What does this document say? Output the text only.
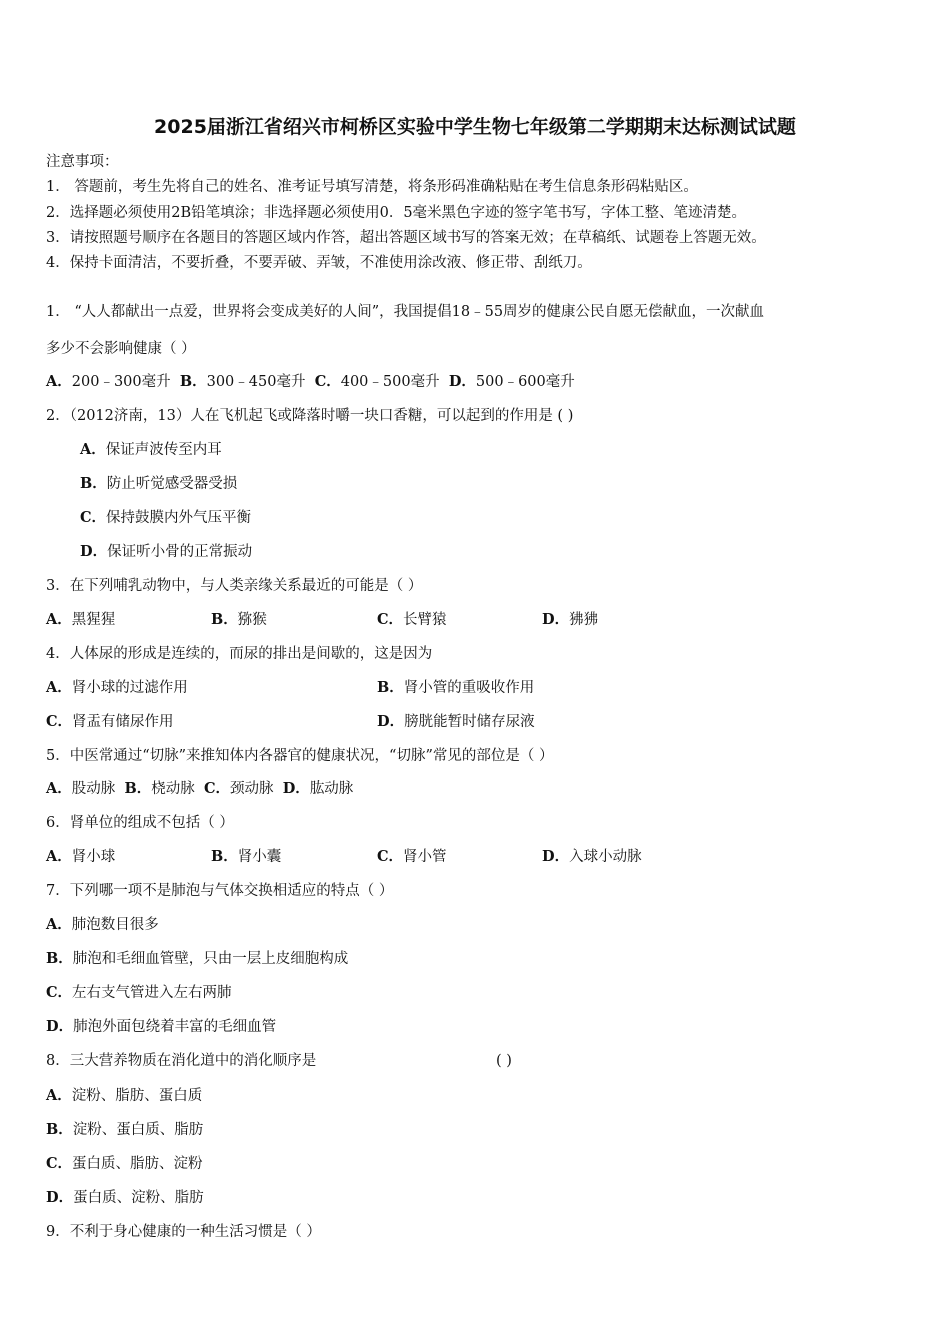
2025届浙江省绍兴市柯桥区实验中学生物七年级第二学期期末达标测试试题
注意事项：
1． 答题前，考生先将自己的姓名、准考证号填写清楚，将条形码准确粘贴在考生信息条形码粘贴区。
2．选择题必须使用2B铅笔填涂；非选择题必须使用0．5毫米黑色字迹的签字笔书写，字体工整、笔迹清楚。
3．请按照题号顺序在各题目的答题区域内作答，超出答题区域书写的答案无效；在草稿纸、试题卷上答题无效。
4．保持卡面清洁，不要折叠，不要弄破、弄皱，不准使用涂改液、修正带、刮纸刀。
1． “人人都献出一点爱，世界将会变成美好的人间”，我国提倡18﹣55周岁的健康公民自愿无偿献血，一次献血
多少不会影响健康（ ）
A．200﹣300毫升 B．300﹣450毫升 C．400﹣500毫升 D．500﹣600毫升
2．（2012济南，13）人在飞机起飞或降落时嚼一块口香糖，可以起到的作用是 ( )
A．保证声波传至内耳
B．防止听觉感受器受损
C．保持鼓膜内外气压平衡
D．保证听小骨的正常振动
3．在下列哺乳动物中，与人类亲缘关系最近的可能是（ ）
A．黑猩猩	B．猕猴	C．长臂猿	D．狒狒
4．人体尿的形成是连续的，而尿的排出是间歇的，这是因为
A．肾小球的过滤作用	B．肾小管的重吸收作用
C．肾盂有储尿作用	D．膀胱能暂时储存尿液
5．中医常通过“切脉”来推知体内各器官的健康状况，“切脉”常见的部位是（ ）
A．股动脉 B．桡动脉 C．颈动脉 D．肱动脉
6．肾单位的组成不包括（ ）
A．肾小球	B．肾小囊	C．肾小管	D．入球小动脉
7．下列哪一项不是肺泡与气体交换相适应的特点（ ）
A．肺泡数目很多
B．肺泡和毛细血管壁，只由一层上皮细胞构成
C．左右支气管进入左右两肺
D．肺泡外面包绕着丰富的毛细血管
8．三大营养物质在消化道中的消化顺序是	( )
A．淀粉、脂肪、蛋白质
B．淀粉、蛋白质、脂肪
C．蛋白质、脂肪、淀粉
D．蛋白质、淀粉、脂肪
9．不利于身心健康的一种生活习惯是（ ）
